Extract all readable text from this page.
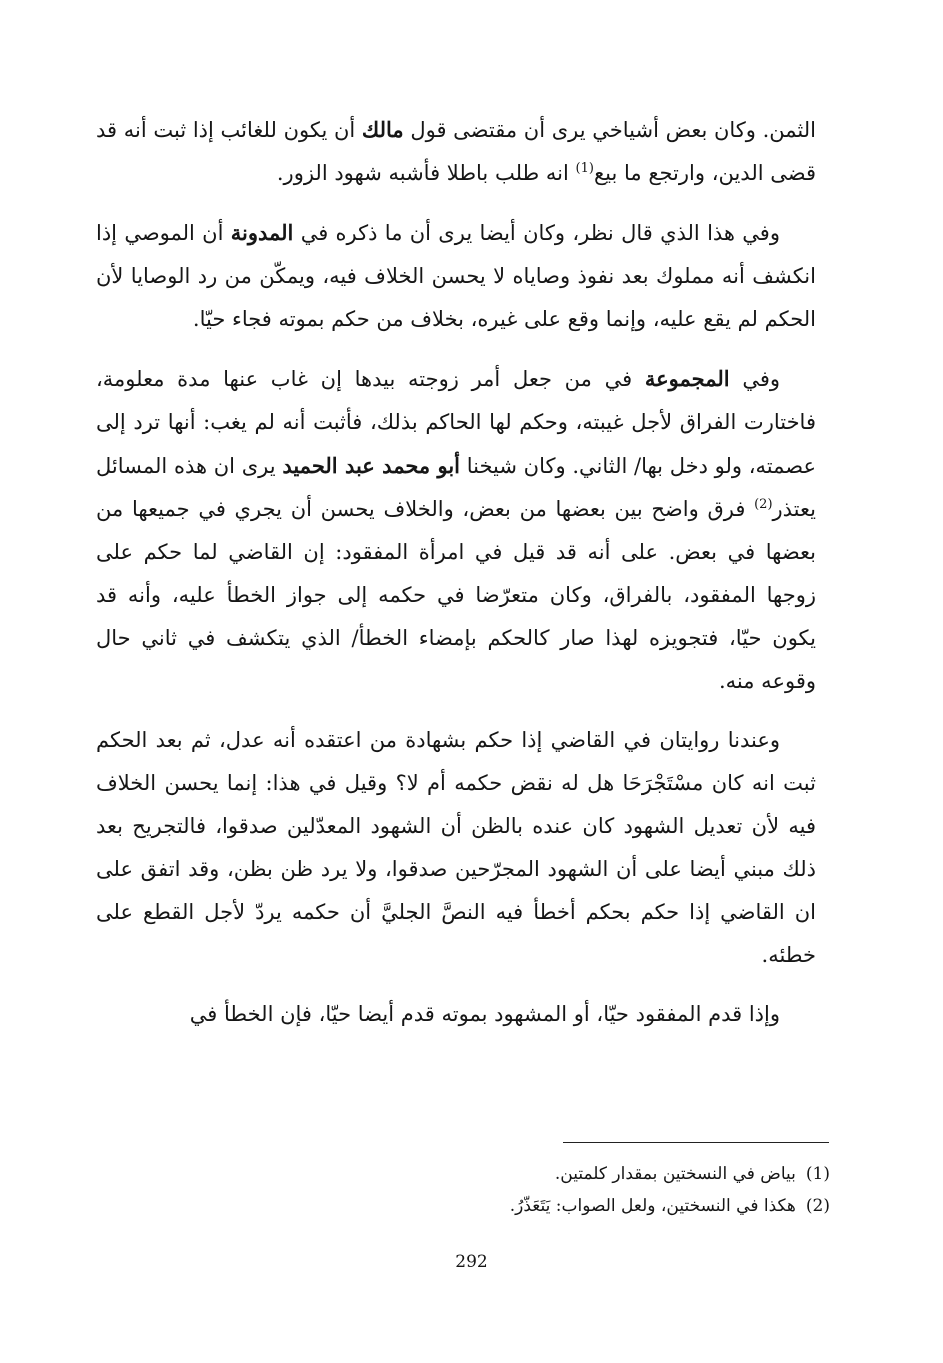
الثمن. وكان بعض أشياخي يرى أن مقتضى قول مالك أن يكون للغائب إذا ثبت أنه قد قضى الدين، وارتجع ما بيع$^{(1)}$ انه طلب باطلا فأشبه شهود الزور.

وفي هذا الذي قال نظر، وكان أيضا يرى أن ما ذكره في المدونة أن الموصي إذا انكشف أنه مملوك بعد نفوذ وصاياه لا يحسن الخلاف فيه، ويمكّن من رد الوصايا لأن الحكم لم يقع عليه، وإنما وقع على غيره، بخلاف من حكم بموته فجاء حيّا.

وفي المجموعة في من جعل أمر زوجته بيدها إن غاب عنها مدة معلومة، فاختارت الفراق لأجل غيبته، وحكم لها الحاكم بذلك، فأثبت أنه لم يغب: أنها ترد إلى عصمته، ولو دخل بها/ الثاني. وكان شيخنا أبو محمد عبد الحميد يرى ان هذه المسائل يعتذر$^{(2)}$ فرق واضح بين بعضها من بعض، والخلاف يحسن أن يجري في جميعها من بعضها في بعض. على أنه قد قيل في امرأة المفقود: إن القاضي لما حكم على زوجها المفقود، بالفراق، وكان متعرّضا في حكمه إلى جواز الخطأ عليه، وأنه قد يكون حيّا، فتجويزه لهذا صار كالحكم بإمضاء الخطأ/ الذي يتكشف في ثاني حال وقوعه منه.

وعندنا روايتان في القاضي إذا حكم بشهادة من اعتقده أنه عدل، ثم بعد الحكم ثبت انه كان مسْتَجْرَحَا هل له نقض حكمه أم لا؟ وقيل في هذا: إنما يحسن الخلاف فيه لأن تعديل الشهود كان عنده بالظن أن الشهود المعدّلين صدقوا، فالتجريح بعد ذلك مبني أيضا على أن الشهود المجرّحين صدقوا، ولا يرد ظن بظن، وقد اتفق على ان القاضي إذا حكم بحكم أخطأ فيه النصَّ الجليَّ أن حكمه يردّ لأجل القطع على خطئه.

وإذا قدم المفقود حيّا، أو المشهود بموته قدم أيضا حيّا، فإن الخطأ في

(1)بياض في النسختين بمقدار كلمتين.

(2)هكذا في النسختين، ولعل الصواب: يَتَعَذّرُ.

292
